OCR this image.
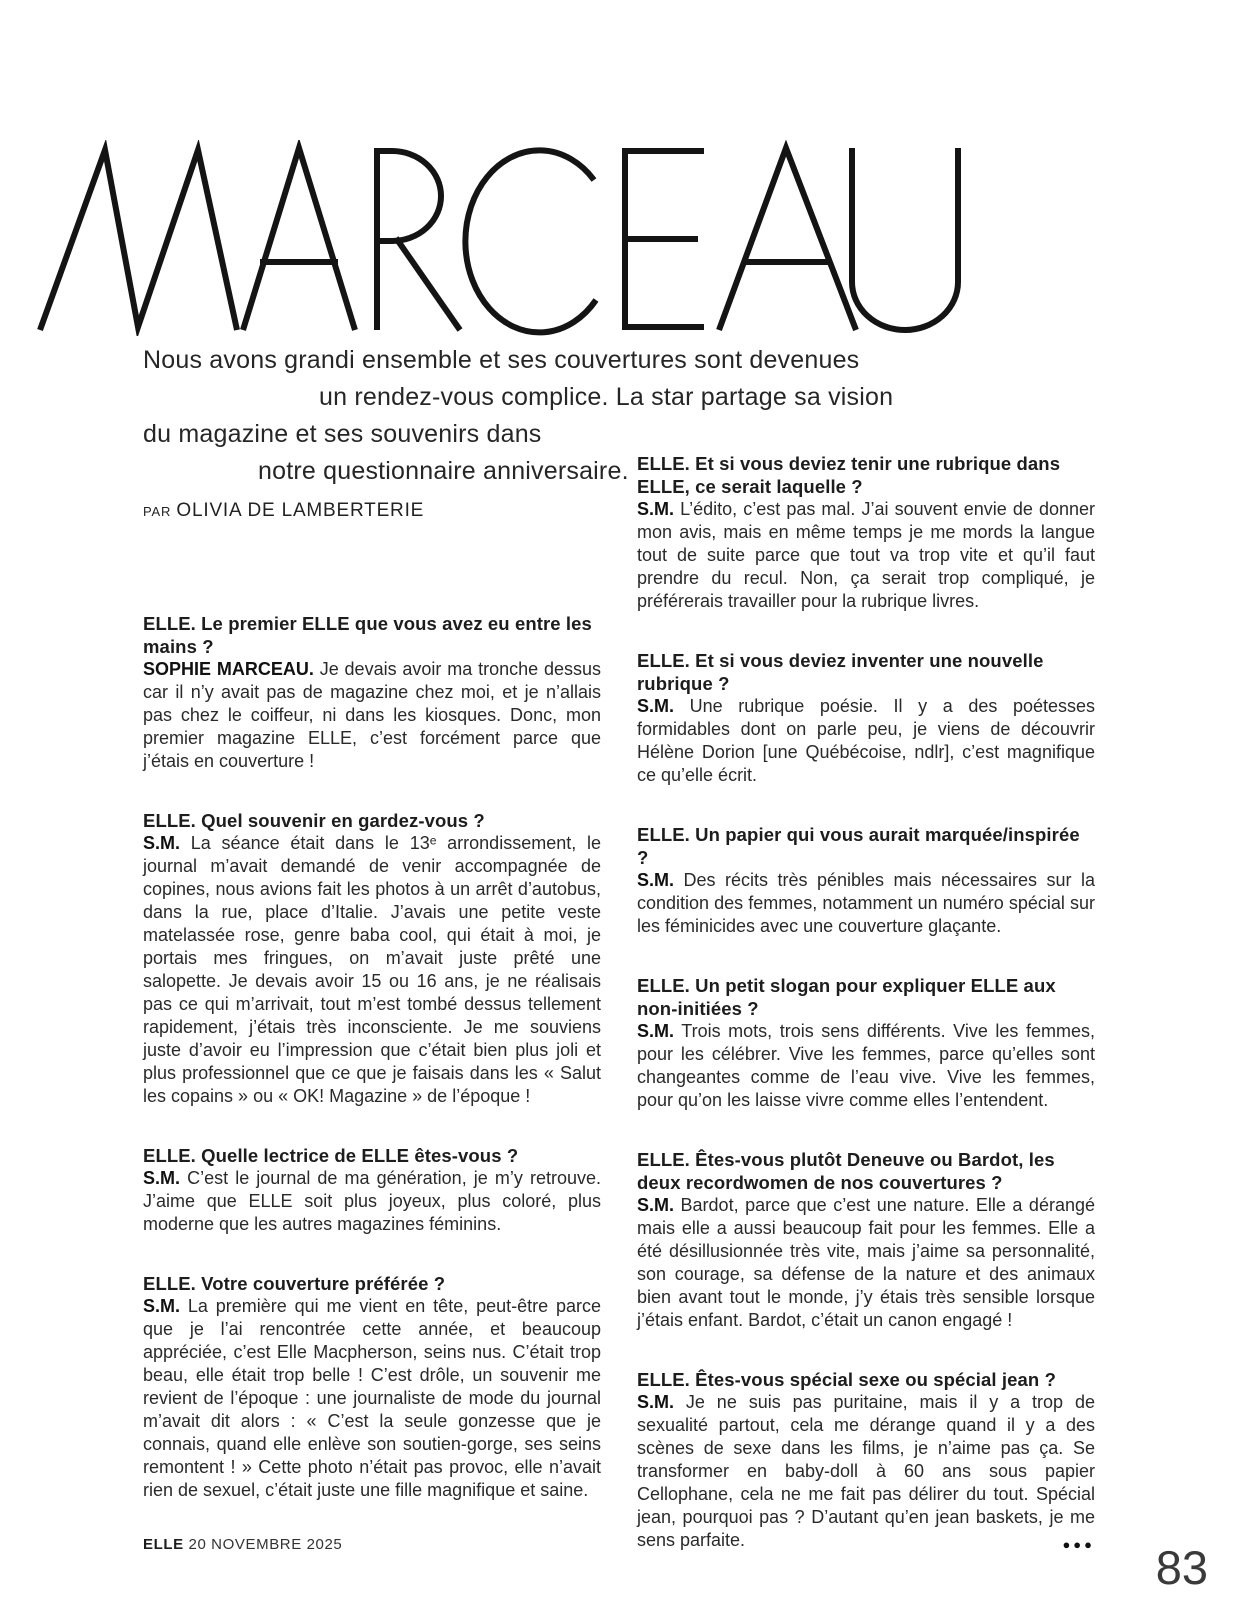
Nous avons grandi ensemble et ses couvertures sont devenues
un rendez-vous complice. La star partage sa vision
du magazine et ses souvenirs dans
notre questionnaire anniversaire.
PAR OLIVIA DE LAMBERTERIE
ELLE. Le premier ELLE que vous avez eu entre les mains ?
SOPHIE MARCEAU. Je devais avoir ma tronche dessus car il n’y avait pas de magazine chez moi, et je n’allais pas chez le coiffeur, ni dans les kiosques. Donc, mon premier magazine ELLE, c’est forcément parce que j’étais en couverture !
ELLE. Quel souvenir en gardez-vous ?
S.M. La séance était dans le 13ᵉ arrondissement, le journal m’avait demandé de venir accompagnée de copines, nous avions fait les photos à un arrêt d’autobus, dans la rue, place d’Italie. J’avais une petite veste matelassée rose, genre baba cool, qui était à moi, je portais mes fringues, on m’avait juste prêté une salopette. Je devais avoir 15 ou 16 ans, je ne réalisais pas ce qui m’arrivait, tout m’est tombé dessus tellement rapidement, j’étais très inconsciente. Je me souviens juste d’avoir eu l’impression que c’était bien plus joli et plus professionnel que ce que je faisais dans les « Salut les copains » ou « OK! Magazine » de l’époque !
ELLE. Quelle lectrice de ELLE êtes-vous ?
S.M. C’est le journal de ma génération, je m’y retrouve. J’aime que ELLE soit plus joyeux, plus coloré, plus moderne que les autres magazines féminins.
ELLE. Votre couverture préférée ?
S.M. La première qui me vient en tête, peut-être parce que je l’ai rencontrée cette année, et beaucoup appréciée, c’est Elle Macpherson, seins nus. C’était trop beau, elle était trop belle ! C’est drôle, un souvenir me revient de l’époque : une journaliste de mode du journal m’avait dit alors : « C’est la seule gonzesse que je connais, quand elle enlève son soutien-gorge, ses seins remontent ! » Cette photo n’était pas provoc, elle n’avait rien de sexuel, c’était juste une fille magnifique et saine.
ELLE. Et si vous deviez tenir une rubrique dans ELLE, ce serait laquelle ?
S.M. L’édito, c’est pas mal. J’ai souvent envie de donner mon avis, mais en même temps je me mords la langue tout de suite parce que tout va trop vite et qu’il faut prendre du recul. Non, ça serait trop compliqué, je préférerais travailler pour la rubrique livres.
ELLE. Et si vous deviez inventer une nouvelle rubrique ?
S.M. Une rubrique poésie. Il y a des poétesses formidables dont on parle peu, je viens de découvrir Hélène Dorion [une Québécoise, ndlr], c’est magnifique ce qu’elle écrit.
ELLE. Un papier qui vous aurait marquée/inspirée ?
S.M. Des récits très pénibles mais nécessaires sur la condition des femmes, notamment un numéro spécial sur les féminicides avec une couverture glaçante.
ELLE. Un petit slogan pour expliquer ELLE aux non-initiées ?
S.M. Trois mots, trois sens différents. Vive les femmes, pour les célébrer. Vive les femmes, parce qu’elles sont changeantes comme de l’eau vive. Vive les femmes, pour qu’on les laisse vivre comme elles l’entendent.
ELLE. Êtes-vous plutôt Deneuve ou Bardot, les deux recordwomen de nos couvertures ?
S.M. Bardot, parce que c’est une nature. Elle a dérangé mais elle a aussi beaucoup fait pour les femmes. Elle a été désillusionnée très vite, mais j’aime sa personnalité, son courage, sa défense de la nature et des animaux bien avant tout le monde, j’y étais très sensible lorsque j’étais enfant. Bardot, c’était un canon engagé !
ELLE. Êtes-vous spécial sexe ou spécial jean ?
S.M. Je ne suis pas puritaine, mais il y a trop de sexualité partout, cela me dérange quand il y a des scènes de sexe dans les films, je n’aime pas ça. Se transformer en baby-doll à 60 ans sous papier Cellophane, cela ne me fait pas délirer du tout. Spécial jean, pourquoi pas ? D’autant qu’en jean baskets, je me sens parfaite.	●●●
ELLE 20 NOVEMBRE 2025	83
